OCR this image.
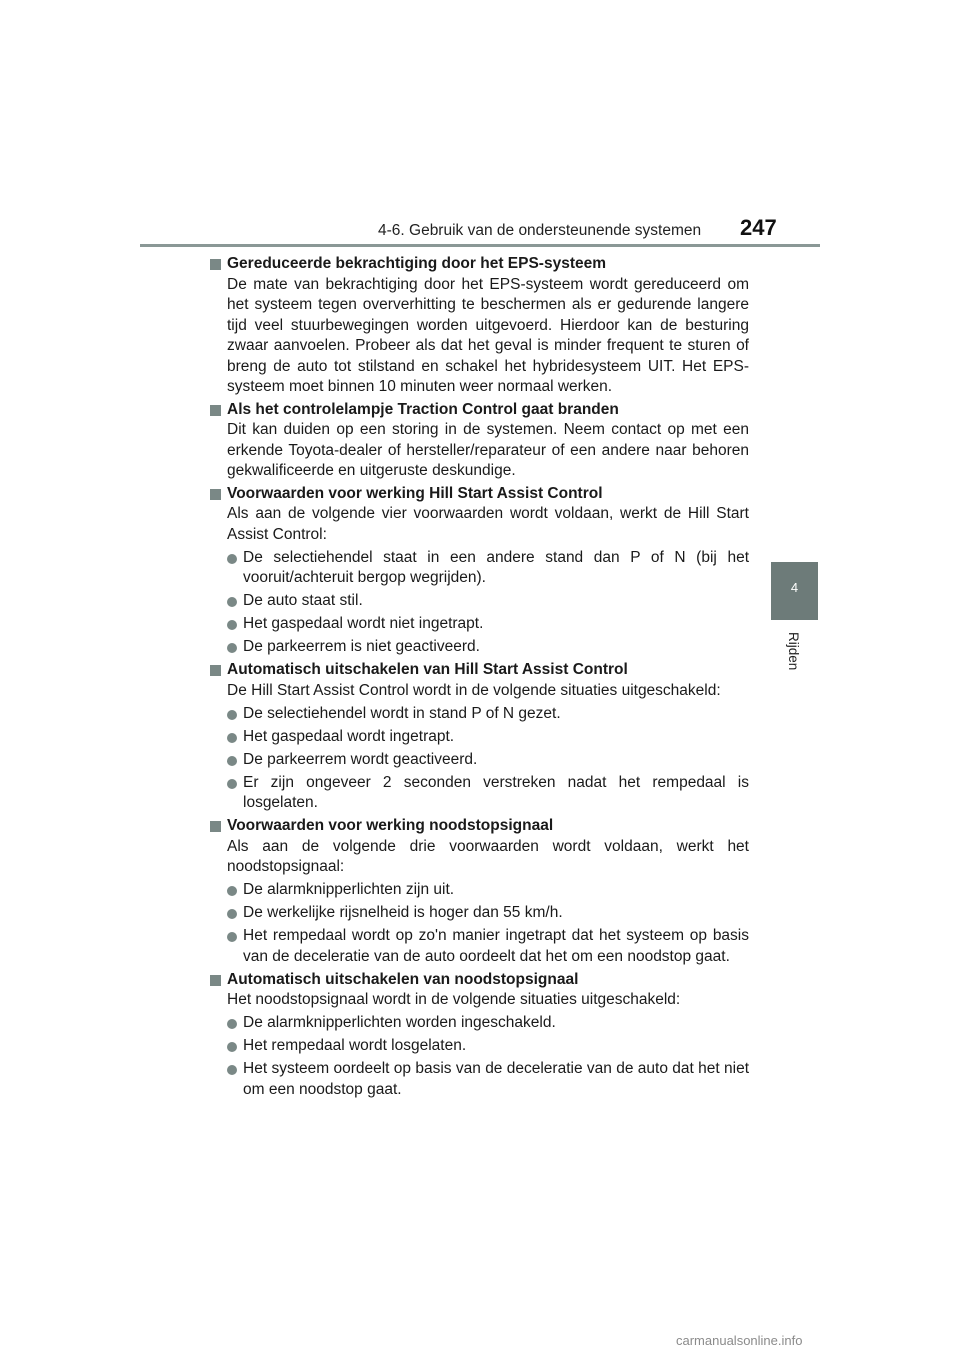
4-6. Gebruik van de ondersteunende systemen 247
4
Rijden
Gereduceerde bekrachtiging door het EPS-systeem
De mate van bekrachtiging door het EPS-systeem wordt gereduceerd om het systeem tegen oververhitting te beschermen als er gedurende langere tijd veel stuurbewegingen worden uitgevoerd. Hierdoor kan de besturing zwaar aanvoelen. Probeer als dat het geval is minder frequent te sturen of breng de auto tot stilstand en schakel het hybridesysteem UIT. Het EPS-systeem moet binnen 10 minuten weer normaal werken.
Als het controlelampje Traction Control gaat branden
Dit kan duiden op een storing in de systemen. Neem contact op met een erkende Toyota-dealer of hersteller/reparateur of een andere naar behoren gekwalificeerde en uitgeruste deskundige.
Voorwaarden voor werking Hill Start Assist Control
Als aan de volgende vier voorwaarden wordt voldaan, werkt de Hill Start Assist Control:
De selectiehendel staat in een andere stand dan P of N (bij het vooruit/achteruit bergop wegrijden).
De auto staat stil.
Het gaspedaal wordt niet ingetrapt.
De parkeerrem is niet geactiveerd.
Automatisch uitschakelen van Hill Start Assist Control
De Hill Start Assist Control wordt in de volgende situaties uitgeschakeld:
De selectiehendel wordt in stand P of N gezet.
Het gaspedaal wordt ingetrapt.
De parkeerrem wordt geactiveerd.
Er zijn ongeveer 2 seconden verstreken nadat het rempedaal is losgelaten.
Voorwaarden voor werking noodstopsignaal
Als aan de volgende drie voorwaarden wordt voldaan, werkt het noodstopsignaal:
De alarmknipperlichten zijn uit.
De werkelijke rijsnelheid is hoger dan 55 km/h.
Het rempedaal wordt op zo'n manier ingetrapt dat het systeem op basis van de deceleratie van de auto oordeelt dat het om een noodstop gaat.
Automatisch uitschakelen van noodstopsignaal
Het noodstopsignaal wordt in de volgende situaties uitgeschakeld:
De alarmknipperlichten worden ingeschakeld.
Het rempedaal wordt losgelaten.
Het systeem oordeelt op basis van de deceleratie van de auto dat het niet om een noodstop gaat.
carmanualsonline.info
